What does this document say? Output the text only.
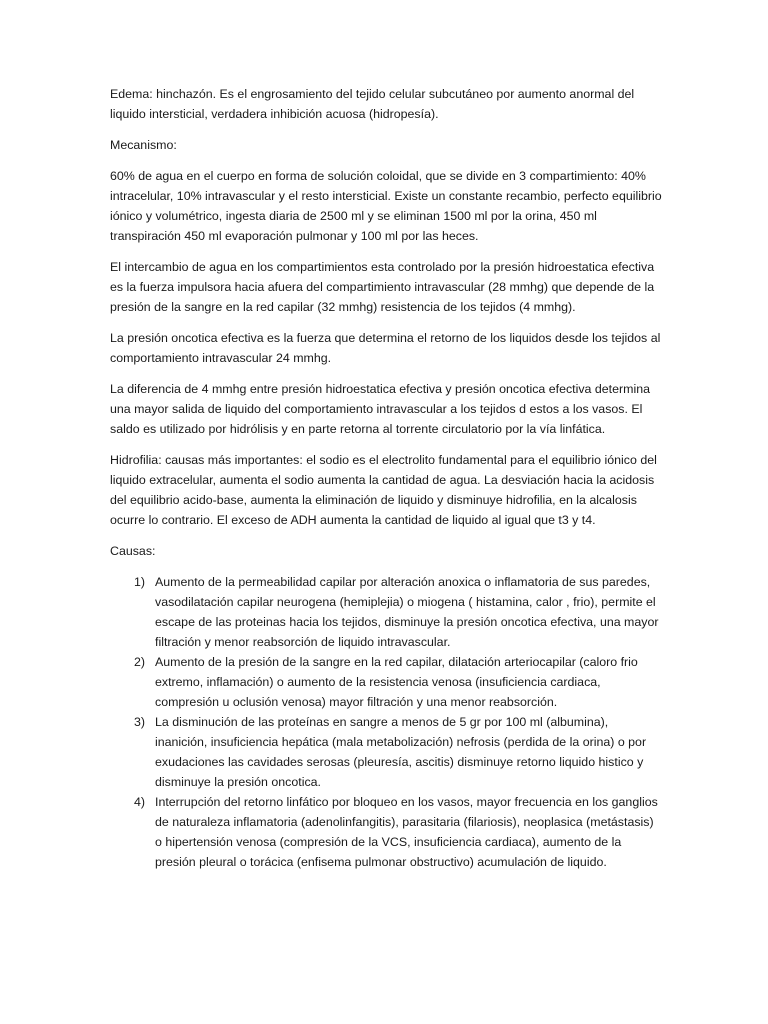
Edema: hinchazón. Es el engrosamiento del tejido celular subcutáneo por aumento anormal del liquido intersticial, verdadera inhibición acuosa (hidropesía).

Mecanismo:

60% de agua en el cuerpo en forma de solución coloidal, que se divide en 3 compartimiento: 40% intracelular, 10% intravascular y el resto intersticial. Existe un constante recambio, perfecto equilibrio iónico y volumétrico, ingesta diaria de 2500 ml y se eliminan 1500 ml por la orina, 450 ml transpiración 450 ml evaporación pulmonar y 100 ml por las heces.

El intercambio de agua en los compartimientos esta controlado por la presión hidroestatica efectiva es la fuerza impulsora hacia afuera del compartimiento intravascular (28 mmhg) que depende de la presión de la sangre en la red capilar (32 mmhg) resistencia de los tejidos (4 mmhg).

La presión oncotica efectiva es la fuerza que determina el retorno de los liquidos desde los tejidos al comportamiento intravascular 24 mmhg.

La diferencia de 4 mmhg entre presión hidroestatica efectiva y presión oncotica efectiva determina una mayor salida de liquido del comportamiento intravascular a los tejidos d estos a los vasos. El saldo es utilizado por hidrólisis y en parte retorna al torrente circulatorio por la vía linfática.

Hidrofilia: causas más importantes: el sodio es el electrolito fundamental para el equilibrio iónico del liquido extracelular, aumenta el sodio aumenta la cantidad de agua. La desviación hacia la acidosis del equilibrio acido-base, aumenta la eliminación de liquido y disminuye hidrofilia, en la alcalosis ocurre lo contrario. El exceso de ADH aumenta la cantidad de liquido al igual que t3 y t4.

Causas:

1) Aumento de la permeabilidad capilar por alteración anoxica o inflamatoria de sus paredes, vasodilatación capilar neurogena (hemiplejia) o miogena ( histamina, calor , frio), permite el escape de las proteinas hacia los tejidos, disminuye la presión oncotica efectiva, una mayor filtración y menor reabsorción de liquido intravascular.
2) Aumento de la presión de la sangre en la red capilar, dilatación arteriocapilar (caloro frio extremo, inflamación) o aumento de la resistencia venosa (insuficiencia cardiaca, compresión u oclusión venosa) mayor filtración y una menor reabsorción.
3) La disminución de las proteínas en sangre a menos de 5 gr por 100 ml (albumina), inanición, insuficiencia hepática (mala metabolización) nefrosis (perdida de la orina) o por exudaciones las cavidades serosas (pleuresía, ascitis) disminuye retorno liquido histico y disminuye la presión oncotica.
4) Interrupción del retorno linfático por bloqueo en los vasos, mayor frecuencia en los ganglios de naturaleza inflamatoria (adenolinfangitis), parasitaria (filariosis), neoplasica (metástasis) o hipertensión venosa (compresión de la VCS, insuficiencia cardiaca), aumento de la presión pleural o torácica (enfisema pulmonar obstructivo) acumulación de liquido.
